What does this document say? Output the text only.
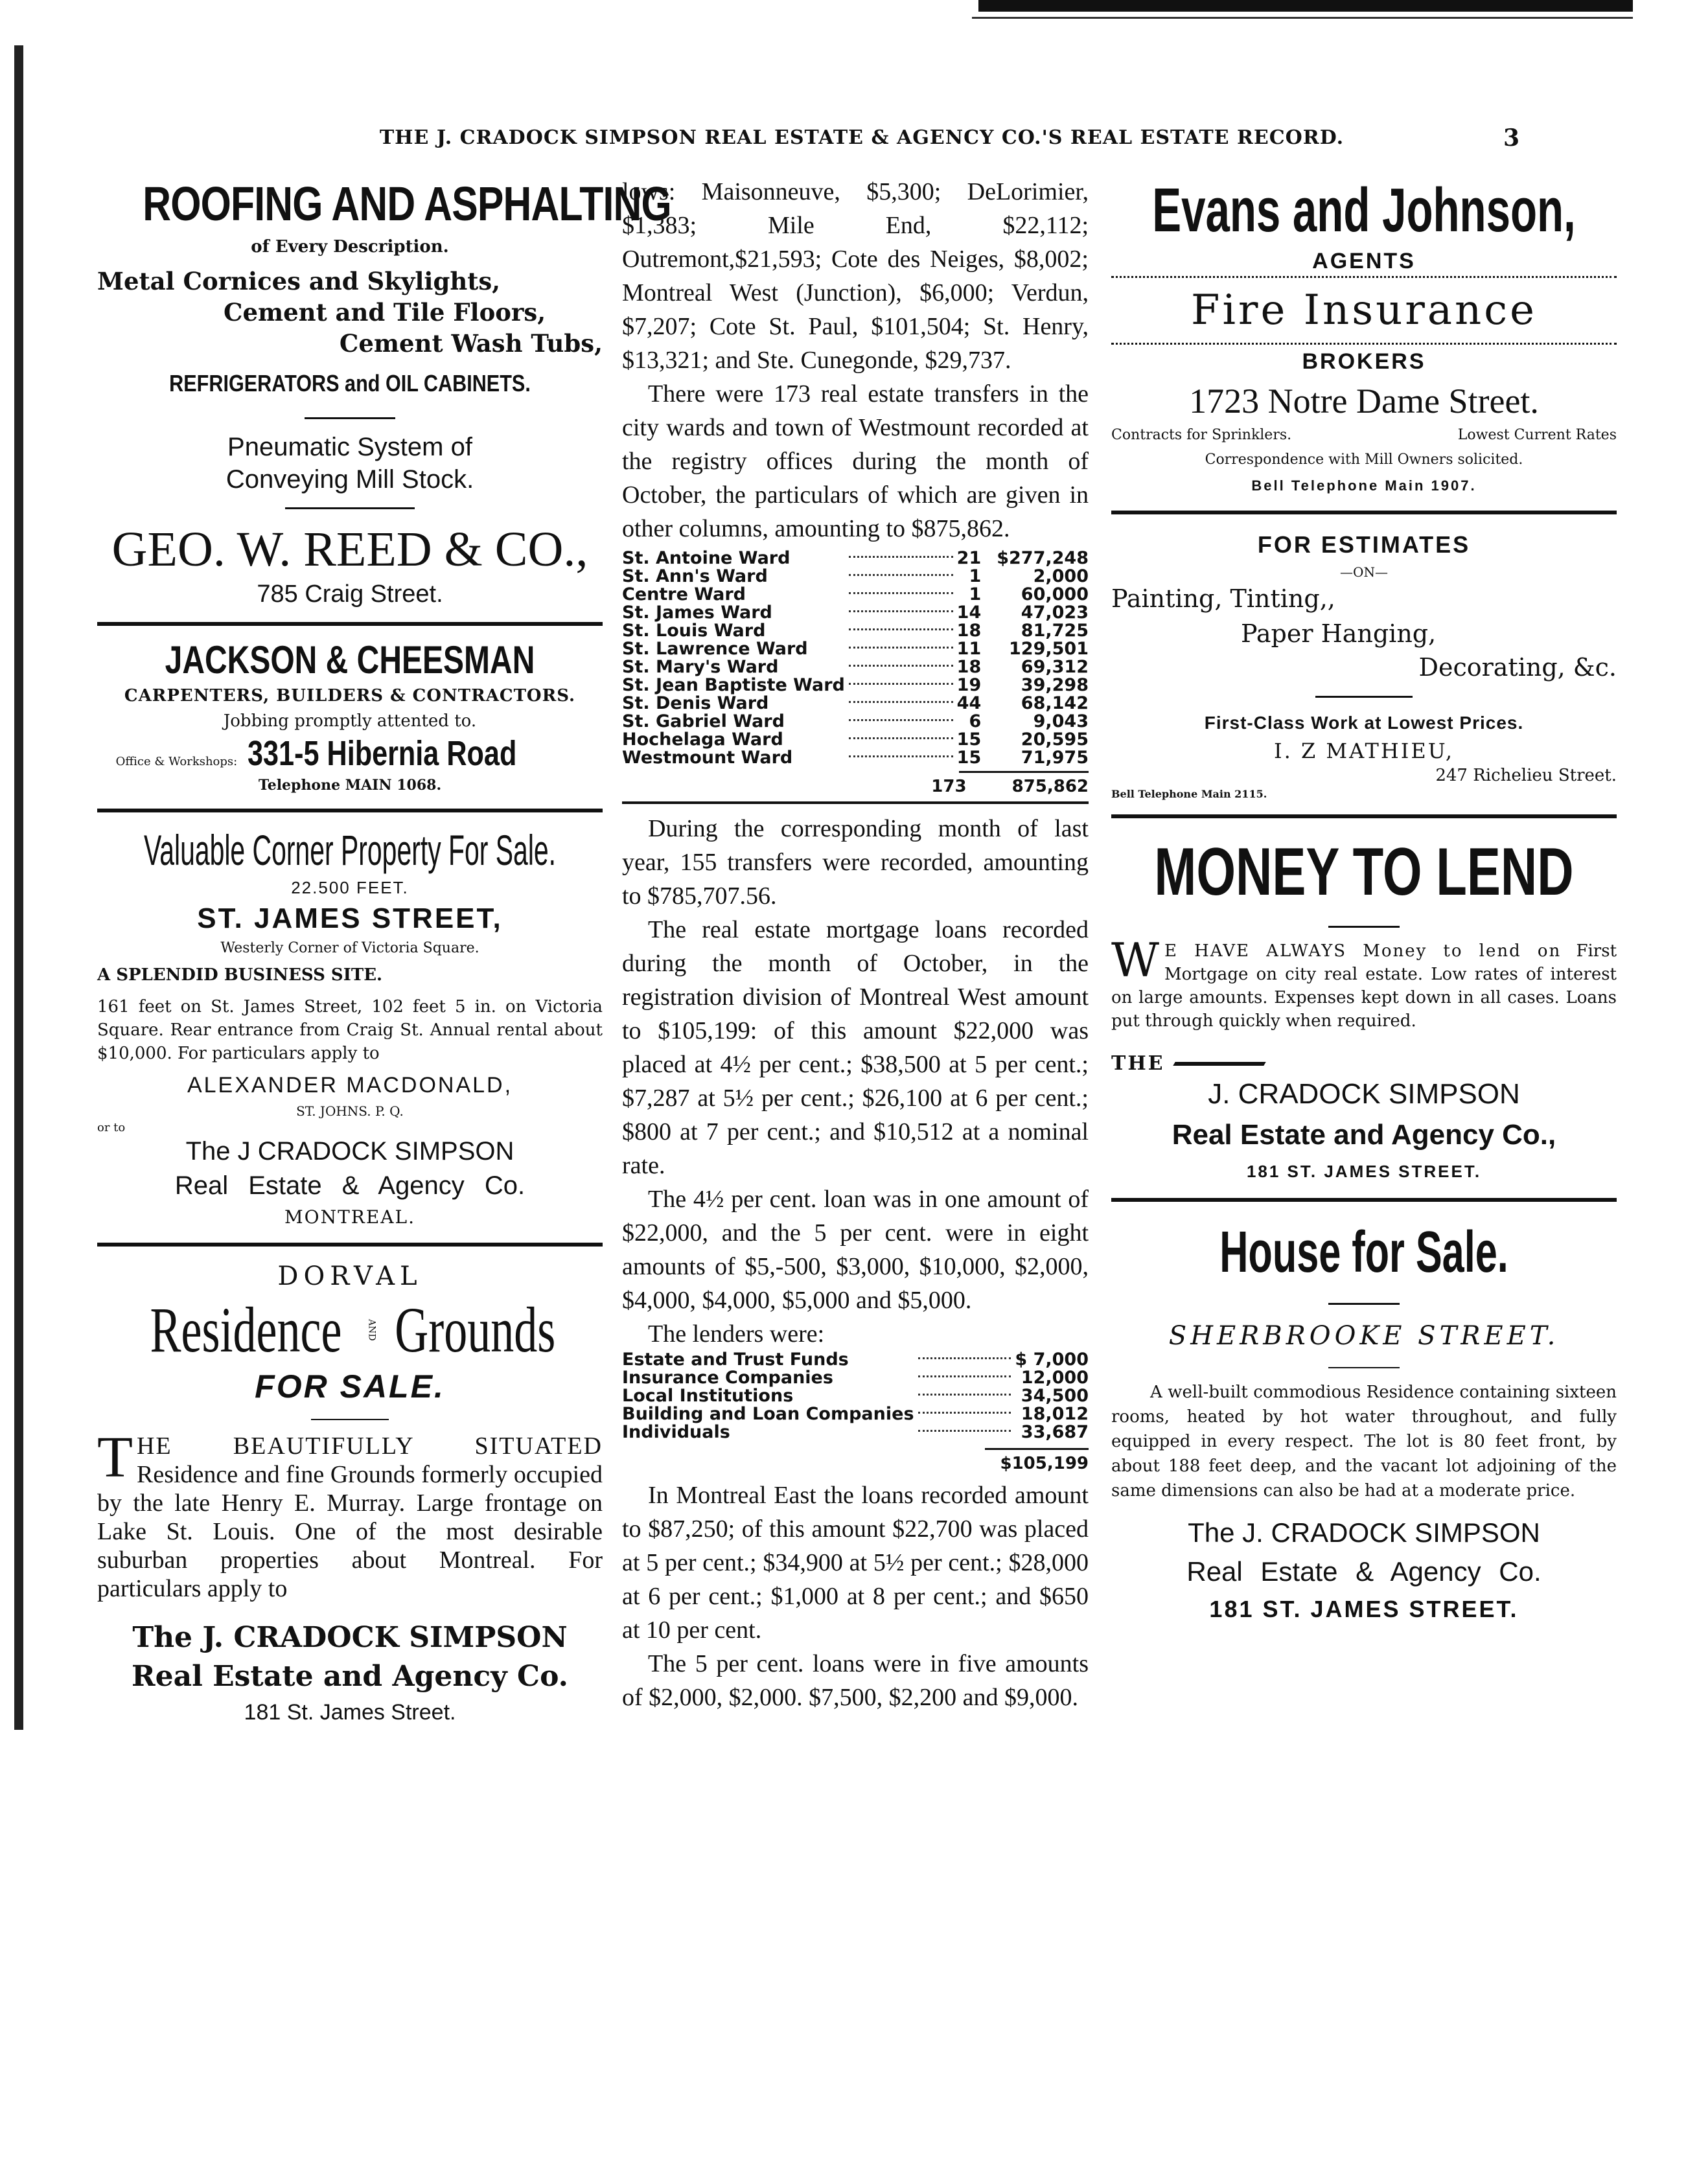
THE J. CRADOCK SIMPSON REAL ESTATE & AGENCY CO.'S REAL ESTATE RECORD.	3
ROOFING AND ASPHALTING
of Every Description.
Metal Cornices and Skylights,
Cement and Tile Floors,
Cement Wash Tubs,
REFRIGERATORS and OIL CABINETS.
Pneumatic System of
Conveying Mill Stock.
GEO. W. REED & CO.,
785 Craig Street.
JACKSON & CHEESMAN
CARPENTERS, BUILDERS & CONTRACTORS.
Jobbing promptly attented to.
Office & Workshops: 331-5 Hibernia Road
Telephone MAIN 1068.
Valuable Corner Property For Sale.
22.500 FEET.
ST. JAMES STREET,
Westerly Corner of Victoria Square.
A SPLENDID BUSINESS SITE.
161 feet on St. James Street, 102 feet 5 in. on Victoria Square. Rear entrance from Craig St. Annual rental about $10,000. For particulars apply to
ALEXANDER MACDONALD,
ST. JOHNS. P. Q.
or to
The J CRADOCK SIMPSON
Real Estate & Agency Co.
MONTREAL.
DORVAL
Residence	AND Grounds
FOR SALE.
T HE BEAUTIFULLY SITUATED Residence and fine Grounds formerly occupied by the late Henry E. Murray. Large frontage on Lake St. Louis. One of the most desirable suburban properties about Montreal. For particulars apply to
The J. CRADOCK SIMPSON
Real Estate and Agency Co.
181 St. James Street.
lows: Maisonneuve, $5,300; DeLorimier, $1,383; Mile End, $22,112; Outremont,$21,593; Cote des Neiges, $8,002; Montreal West (Junction), $6,000; Verdun, $7,207; Cote St. Paul, $101,504; St. Henry, $13,321; and Ste. Cunegonde, $29,737.
There were 173 real estate transfers in the city wards and town of Westmount recorded at the registry offices during the month of October, the particulars of which are given in other columns, amounting to $875,862.
St. Antoine Ward		21	$277,248
St. Ann's Ward		1	2,000
Centre Ward		1	60,000
St. James Ward		14	47,023
St. Louis Ward		18	81,725
St. Lawrence Ward		11	129,501
St. Mary's Ward		18	69,312
St. Jean Baptiste Ward		19	39,298
St. Denis Ward		44	68,142
St. Gabriel Ward		6	9,043
Hochelaga Ward		15	20,595
Westmount Ward		15	71,975
173	875,862
During the corresponding month of last year, 155 transfers were recorded, amounting to $785,707.56.
The real estate mortgage loans recorded during the month of October, in the registration division of Montreal West amount to $105,199: of this amount $22,000 was placed at 4½ per cent.; $38,500 at 5 per cent.; $7,287 at 5½ per cent.; $26,100 at 6 per cent.; $800 at 7 per cent.; and $10,512 at a nominal rate.
The 4½ per cent. loan was in one amount of $22,000, and the 5 per cent. were in eight amounts of $5,-500, $3,000, $10,000, $2,000, $4,000, $4,000, $5,000 and $5,000.
The lenders were:
Estate and Trust Funds		$ 7,000
Insurance Companies		12,000
Local Institutions		34,500
Building and Loan Companies		18,012
Individuals		33,687
$105,199
In Montreal East the loans recorded amount to $87,250; of this amount $22,700 was placed at 5 per cent.; $34,900 at 5½ per cent.; $28,000 at 6 per cent.; $1,000 at 8 per cent.; and $650 at 10 per cent.
The 5 per cent. loans were in five amounts of $2,000, $2,000. $7,500, $2,200 and $9,000.
Evans and Johnson,
AGENTS
Fire Insurance
BROKERS
1723 Notre Dame Street.
Contracts for Sprinklers.	Lowest Current Rates
Correspondence with Mill Owners solicited.
Bell Telephone Main 1907.
FOR ESTIMATES
—ON—
Painting, Tinting,,
Paper Hanging,
Decorating, &c.
First-Class Work at Lowest Prices.
I. Z MATHIEU,
247 Richelieu Street.
Bell Telephone Main 2115.
MONEY TO LEND
W E HAVE ALWAYS Money to lend on First Mortgage on city real estate. Low rates of interest on large amounts. Expenses kept down in all cases. Loans put through quickly when required.
THE
J. CRADOCK SIMPSON
Real Estate and Agency Co.,
181 ST. JAMES STREET.
House for Sale.
SHERBROOKE STREET.
A well-built commodious Residence containing sixteen rooms, heated by hot water throughout, and fully equipped in every respect. The lot is 80 feet front, by about 188 feet deep, and the vacant lot adjoining of the same dimensions can also be had at a moderate price.
The J. CRADOCK SIMPSON
Real Estate & Agency Co.
181 ST. JAMES STREET.
